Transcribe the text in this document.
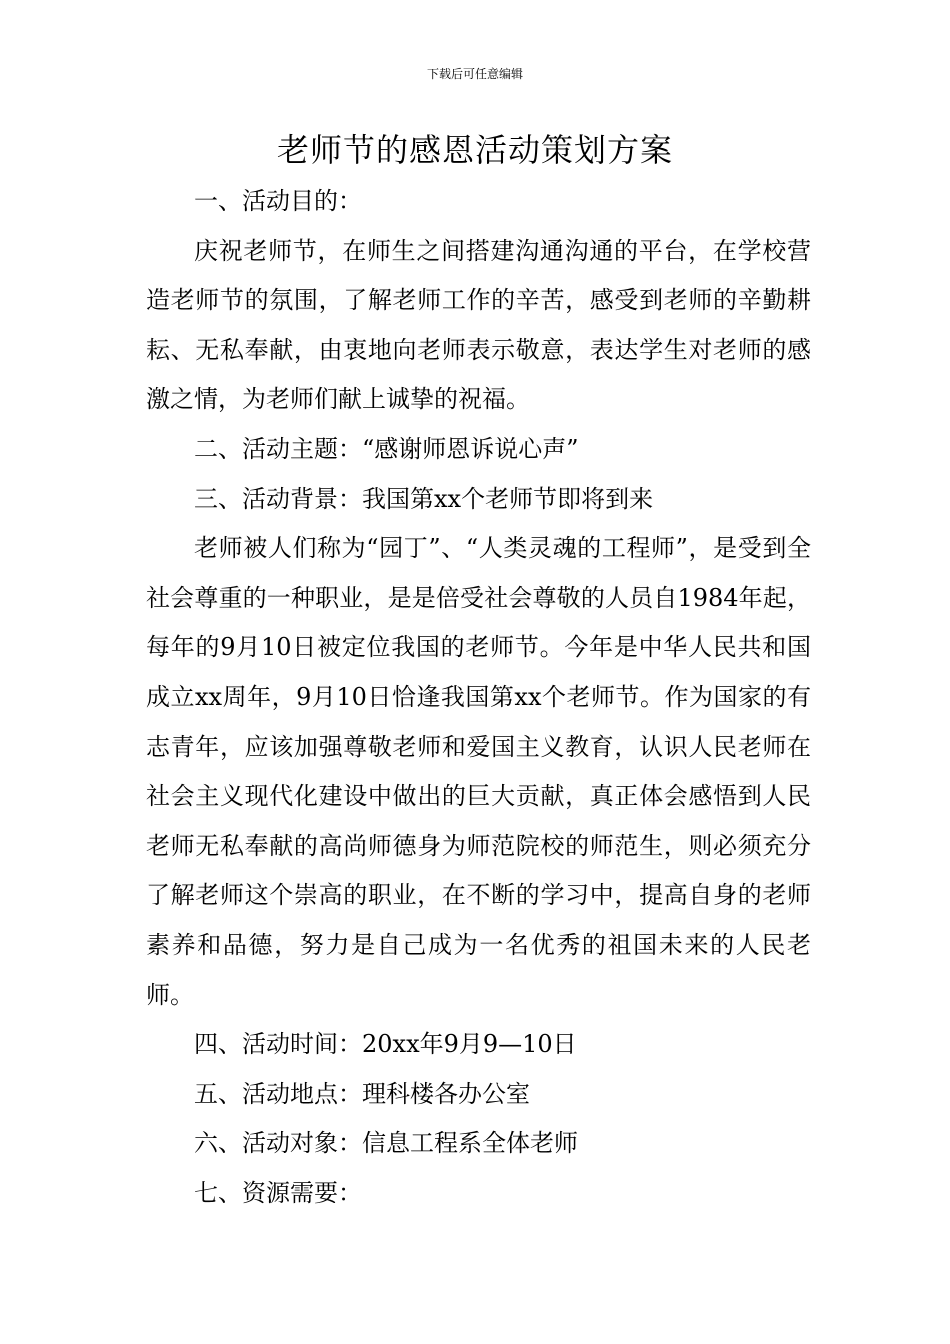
下载后可任意编辑
老师节的感恩活动策划方案

一、活动目的：

庆祝老师节，在师生之间搭建沟通沟通的平台，在学校营造老师节的氛围，了解老师工作的辛苦，感受到老师的辛勤耕耘、无私奉献，由衷地向老师表示敬意，表达学生对老师的感激之情，为老师们献上诚挚的祝福。

二、活动主题：“感谢师恩诉说心声”

三、活动背景：我国第xx个老师节即将到来

老师被人们称为“园丁”、“人类灵魂的工程师”，是受到全社会尊重的一种职业，是是倍受社会尊敬的人员自1984年起，每年的9月10日被定位我国的老师节。今年是中华人民共和国成立xx周年，9月10日恰逢我国第xx个老师节。作为国家的有志青年，应该加强尊敬老师和爱国主义教育，认识人民老师在社会主义现代化建设中做出的巨大贡献，真正体会感悟到人民老师无私奉献的高尚师德身为师范院校的师范生，则必须充分了解老师这个崇高的职业，在不断的学习中，提高自身的老师素养和品德，努力是自己成为一名优秀的祖国未来的人民老师。

四、活动时间：20xx年9月9—10日

五、活动地点：理科楼各办公室

六、活动对象：信息工程系全体老师

七、资源需要：
